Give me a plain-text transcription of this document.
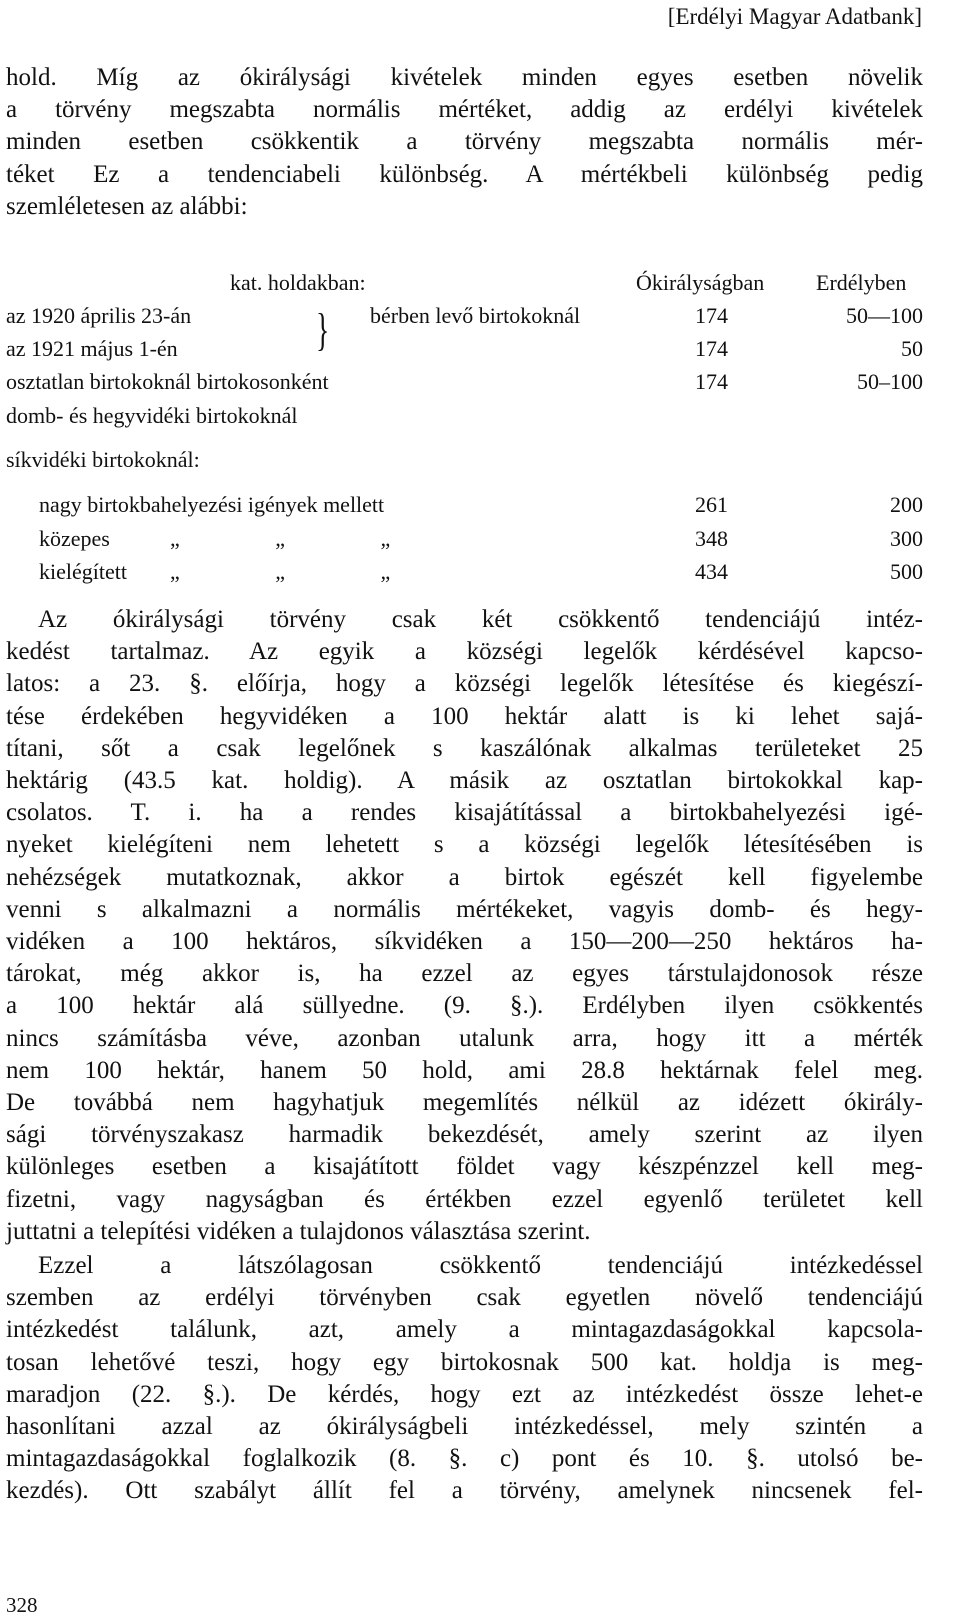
[Erdélyi Magyar Adatbank]
hold. Míg az ókirálysági kivételek minden egyes esetben növelik
a törvény megszabta normális mértéket, addig az erdélyi kivételek
minden esetben csökkentik a törvény megszabta normális mér-
téket Ez a tendenciabeli különbség. A mértékbeli különbség pedig
szemléletesen az alábbi:
kat. holdakban:	Ókirályságban Erdélyben
az 1920 április 23-án	} bérben levő birtokoknál	174	50—100
az 1921 május 1-én	174	50
osztatlan birtokoknál birtokosonként	174	50–100
domb- és hegyvidéki birtokoknál
síkvidéki birtokoknál:
nagy birtokbahelyezési igények mellett	261	200
közepes	„ „ „	348	300
kielégített „ „ „	434	500
Az ókirálysági törvény csak két csökkentő tendenciájú intéz-
kedést tartalmaz. Az egyik a községi legelők kérdésével kapcso-
latos: a 23. §. előírja, hogy a községi legelők létesítése és kiegészí-
tése érdekében hegyvidéken a 100 hektár alatt is ki lehet sajá-
títani, sőt a csak legelőnek s kaszálónak alkalmas területeket 25
hektárig (43.5 kat. holdig). A másik az osztatlan birtokokkal kap-
csolatos. T. i. ha a rendes kisajátítással a birtokbahelyezési igé-
nyeket kielégíteni nem lehetett s a községi legelők létesítésében is
nehézségek mutatkoznak, akkor a birtok egészét kell figyelembe
venni s alkalmazni a normális mértékeket, vagyis domb- és hegy-
vidéken a 100 hektáros, síkvidéken a 150—200—250 hektáros ha-
tárokat, még akkor is, ha ezzel az egyes társtulajdonosok része
a 100 hektár alá süllyedne. (9. §.). Erdélyben ilyen csökkentés
nincs számításba véve, azonban utalunk arra, hogy itt a mérték
nem 100 hektár, hanem 50 hold, ami 28.8 hektárnak felel meg.
De továbbá nem hagyhatjuk megemlítés nélkül az idézett ókirály-
sági törvényszakasz harmadik bekezdését, amely szerint az ilyen
különleges esetben a kisajátított földet vagy készpénzzel kell meg-
fizetni, vagy nagyságban és értékben ezzel egyenlő területet kell
juttatni a telepítési vidéken a tulajdonos választása szerint.
Ezzel a látszólagosan csökkentő tendenciájú intézkedéssel
szemben az erdélyi törvényben csak egyetlen növelő tendenciájú
intézkedést találunk, azt, amely a mintagazdaságokkal kapcsola-
tosan lehetővé teszi, hogy egy birtokosnak 500 kat. holdja is meg-
maradjon (22. §.). De kérdés, hogy ezt az intézkedést össze lehet-e
hasonlítani azzal az ókirályságbeli intézkedéssel, mely szintén a
mintagazdaságokkal foglalkozik (8. §. c) pont és 10. §. utolsó be-
kezdés). Ott szabályt állít fel a törvény, amelynek nincsenek fel-
328
